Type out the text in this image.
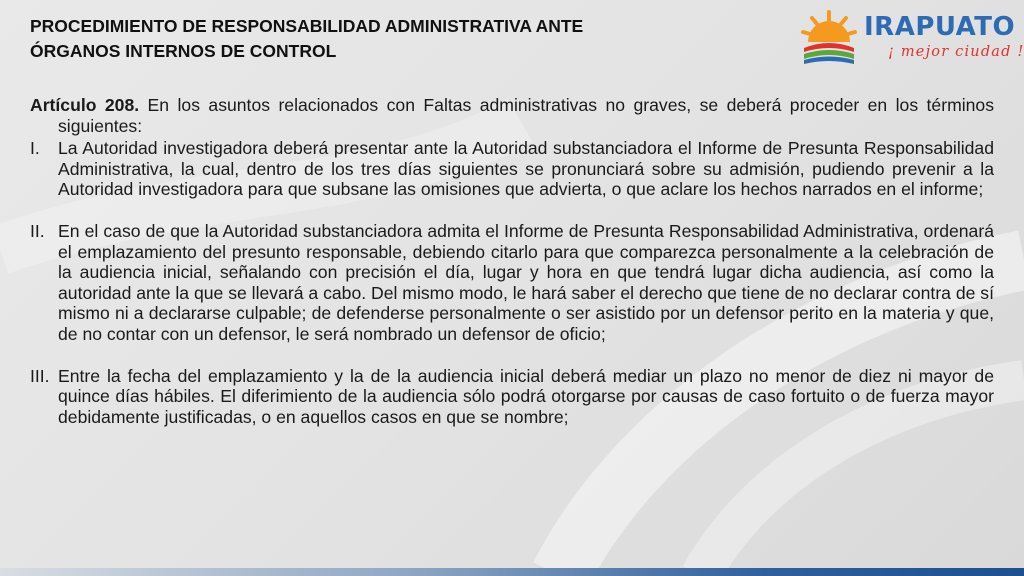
PROCEDIMIENTO DE RESPONSABILIDAD ADMINISTRATIVA ANTE
ÓRGANOS INTERNOS DE CONTROL
IRAPUATO
¡ mejor ciudad !

Artículo 208. En los asuntos relacionados con Faltas administrativas no graves, se deberá proceder en los términos siguientes:

I.	La Autoridad investigadora deberá presentar ante la Autoridad substanciadora el Informe de Presunta Responsabilidad Administrativa, la cual, dentro de los tres días siguientes se pronunciará sobre su admisión, pudiendo prevenir a la Autoridad investigadora para que subsane las omisiones que advierta, o que aclare los hechos narrados en el informe;
II. En el caso de que la Autoridad substanciadora admita el Informe de Presunta Responsabilidad Administrativa, ordenará el emplazamiento del presunto responsable, debiendo citarlo para que comparezca personalmente a la celebración de la audiencia inicial, señalando con precisión el día, lugar y hora en que tendrá lugar dicha audiencia, así como la autoridad ante la que se llevará a cabo. Del mismo modo, le hará saber el derecho que tiene de no declarar contra de sí mismo ni a declararse culpable; de defenderse personalmente o ser asistido por un defensor perito en la materia y que, de no contar con un defensor, le será nombrado un defensor de oficio;
III. Entre la fecha del emplazamiento y la de la audiencia inicial deberá mediar un plazo no menor de diez ni mayor de quince días hábiles. El diferimiento de la audiencia sólo podrá otorgarse por causas de caso fortuito o de fuerza mayor debidamente justificadas, o en aquellos casos en que se nombre;
